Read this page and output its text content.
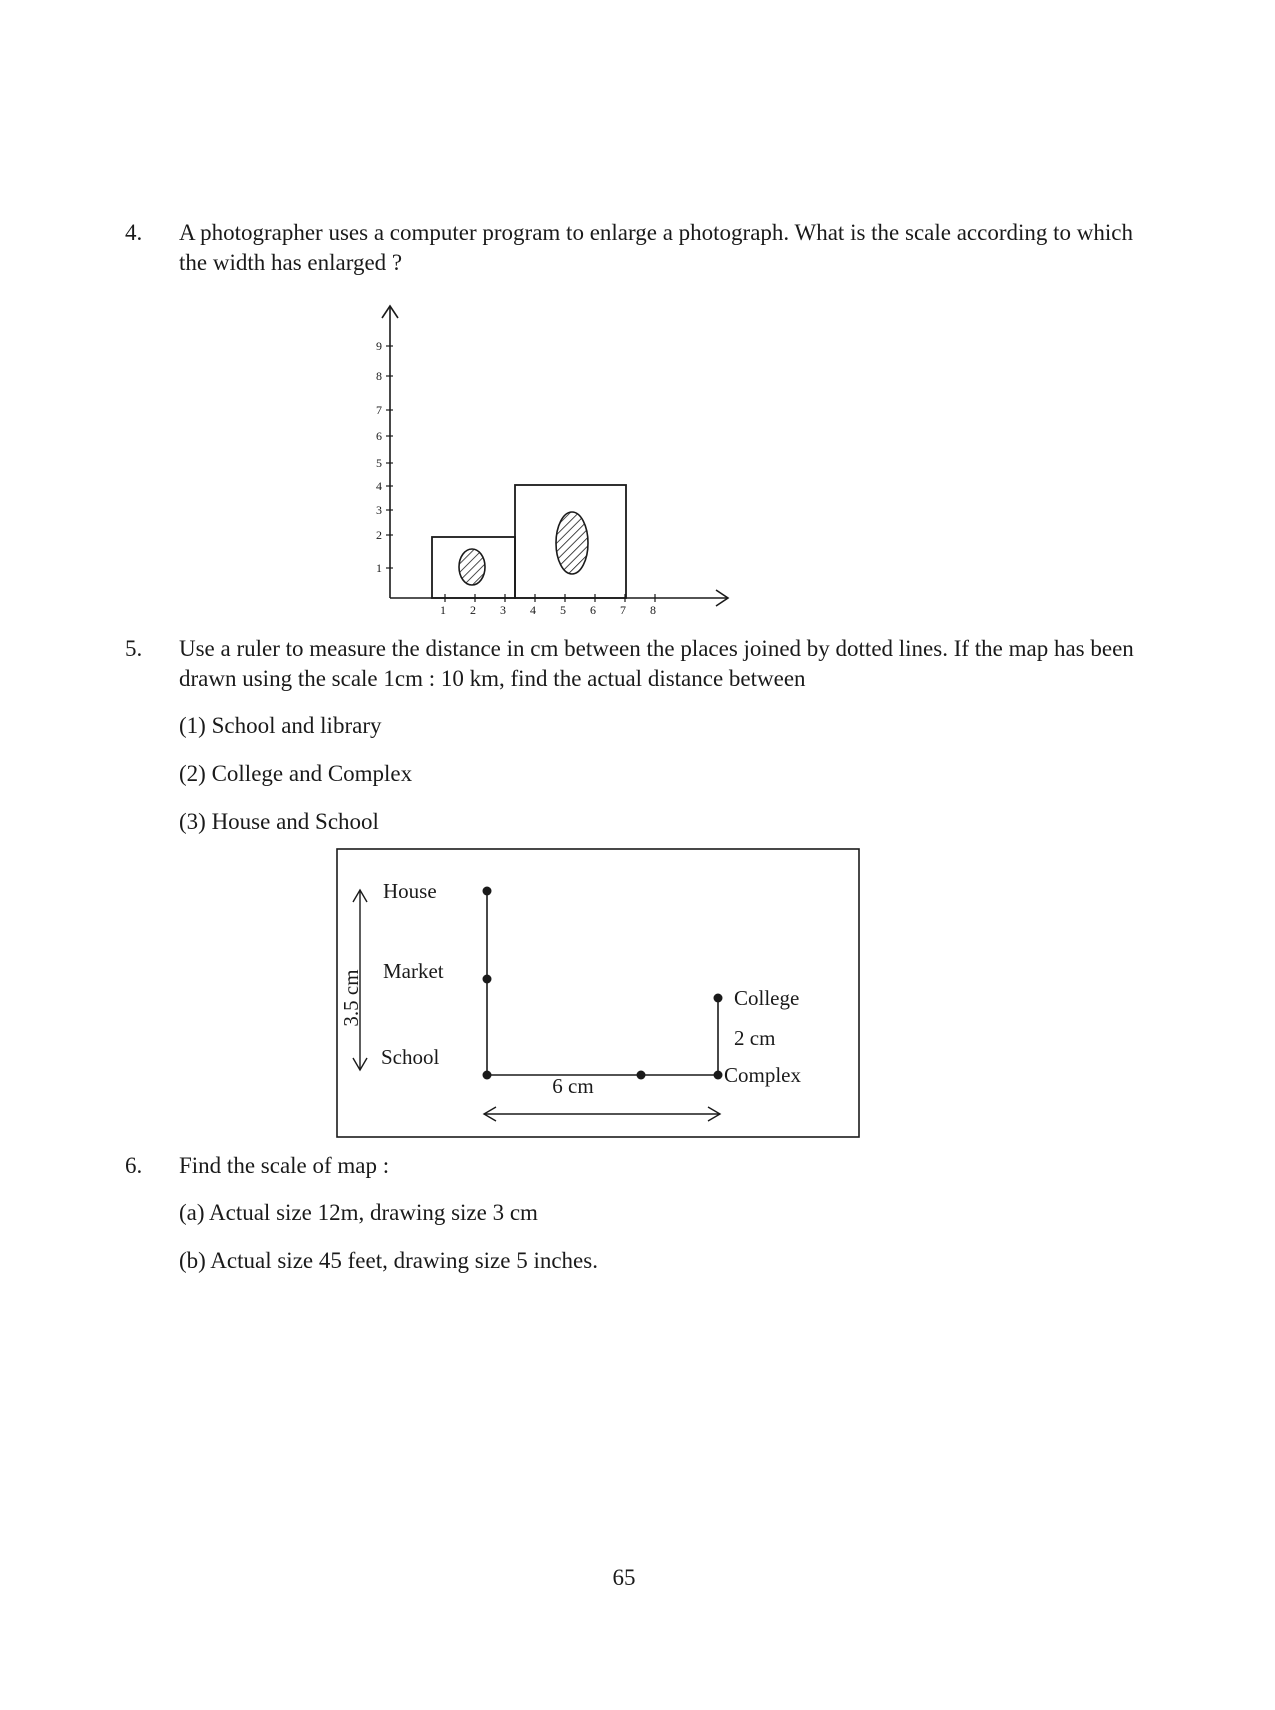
4. A photographer uses a computer program to enlarge a photograph. What is the scale according to which the width has enlarged ?
1
2
3
4
5
6
7
8
9
1 2 3 4 5 6 7 8
5. Use a ruler to measure the distance in cm between the places joined by dotted lines. If the map has been drawn using the scale 1cm : 10 km, find the actual distance between
(1) School and library
(2) College and Complex
(3) House and School
3.5 cm
House
Market
School
College
2 cm
Complex
6 cm
6. Find the scale of map :
(a) Actual size 12m, drawing size 3 cm
(b) Actual size 45 feet, drawing size 5 inches.
65
